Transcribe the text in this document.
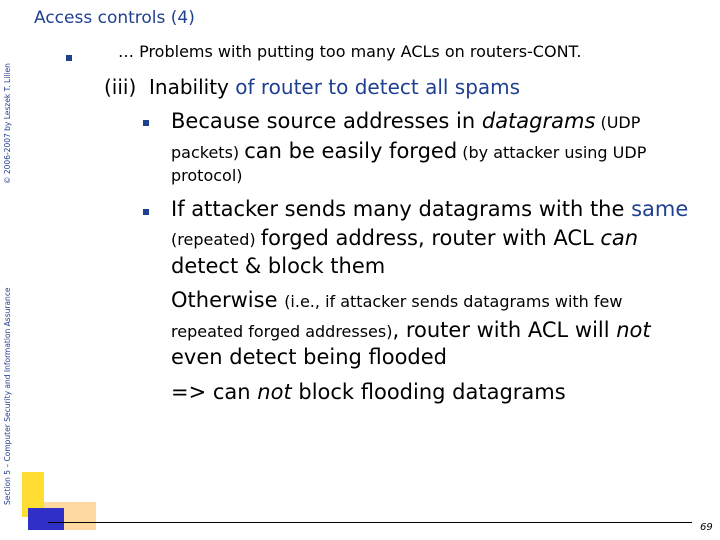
Access controls (4)
© 2006-2007 by Leszek T. Lilien
Section 5 – Computer Security and Information Assurance
… Problems with putting too many ACLs on routers-CONT.
(iii) Inability of router to detect all spams
Because source addresses in datagrams (UDP
packets) can be easily forged (by attacker using UDP
protocol)
If attacker sends many datagrams with the same
(repeated) forged address, router with ACL can
detect & block them
Otherwise (i.e., if attacker sends datagrams with few
repeated forged addresses), router with ACL will not
even detect being flooded
=> can not block flooding datagrams
69
